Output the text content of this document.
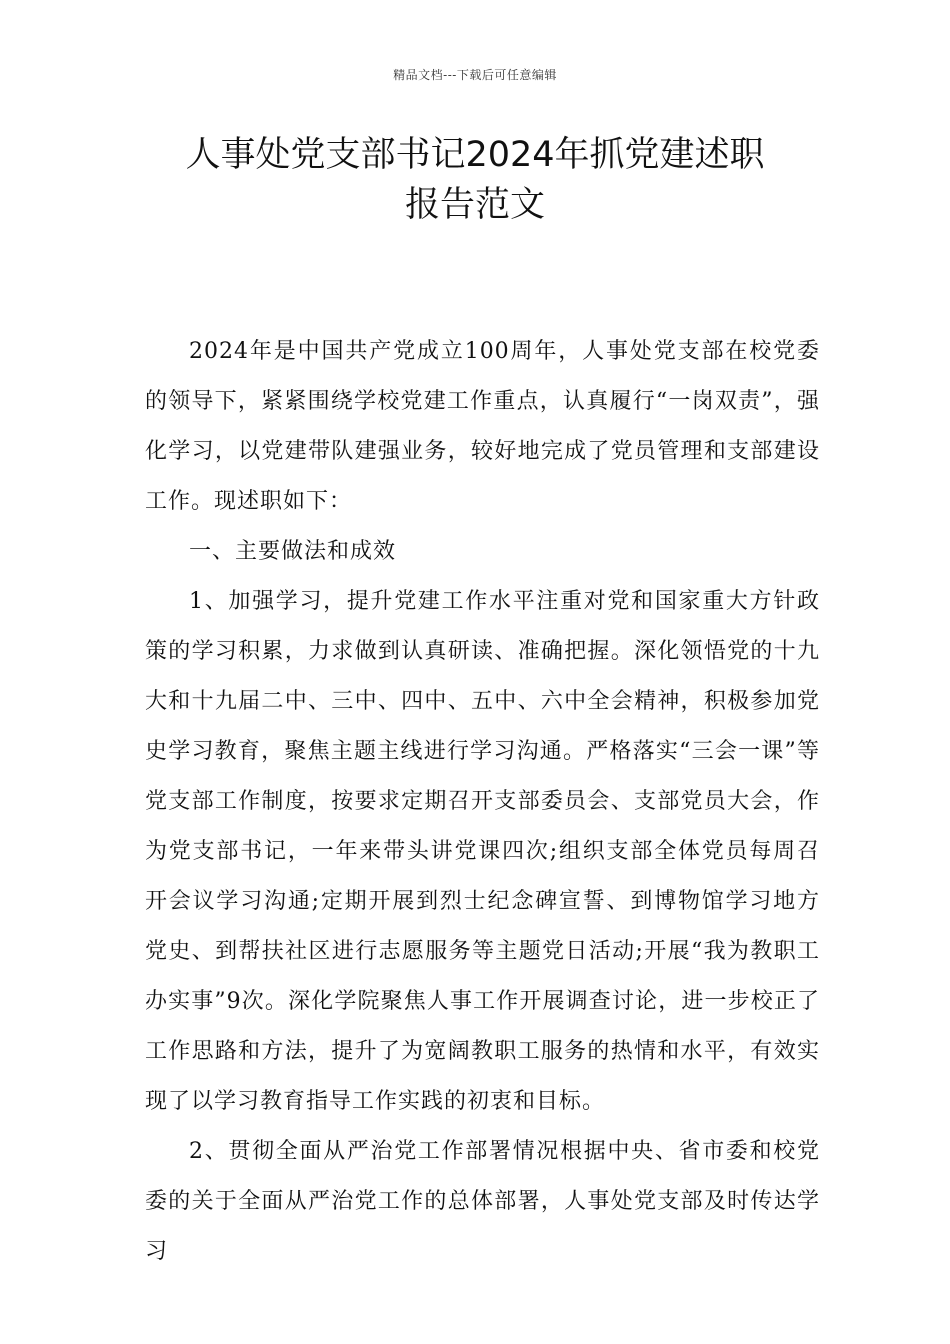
精品文档---下载后可任意编辑
人事处党支部书记2024年抓党建述职
报告范文

2024年是中国共产党成立100周年，人事处党支部在校党委的领导下，紧紧围绕学校党建工作重点，认真履行“一岗双责”，强化学习，以党建带队建强业务，较好地完成了党员管理和支部建设工作。现述职如下：

一、主要做法和成效

1、加强学习，提升党建工作水平注重对党和国家重大方针政策的学习积累，力求做到认真研读、准确把握。深化领悟党的十九大和十九届二中、三中、四中、五中、六中全会精神，积极参加党史学习教育，聚焦主题主线进行学习沟通。严格落实“三会一课”等党支部工作制度，按要求定期召开支部委员会、支部党员大会，作为党支部书记，一年来带头讲党课四次;组织支部全体党员每周召开会议学习沟通;定期开展到烈士纪念碑宣誓、到博物馆学习地方党史、到帮扶社区进行志愿服务等主题党日活动;开展“我为教职工办实事”9次。深化学院聚焦人事工作开展调查讨论，进一步校正了工作思路和方法，提升了为宽阔教职工服务的热情和水平，有效实现了以学习教育指导工作实践的初衷和目标。

2、贯彻全面从严治党工作部署情况根据中央、省市委和校党委的关于全面从严治党工作的总体部署，人事处党支部及时传达学习
